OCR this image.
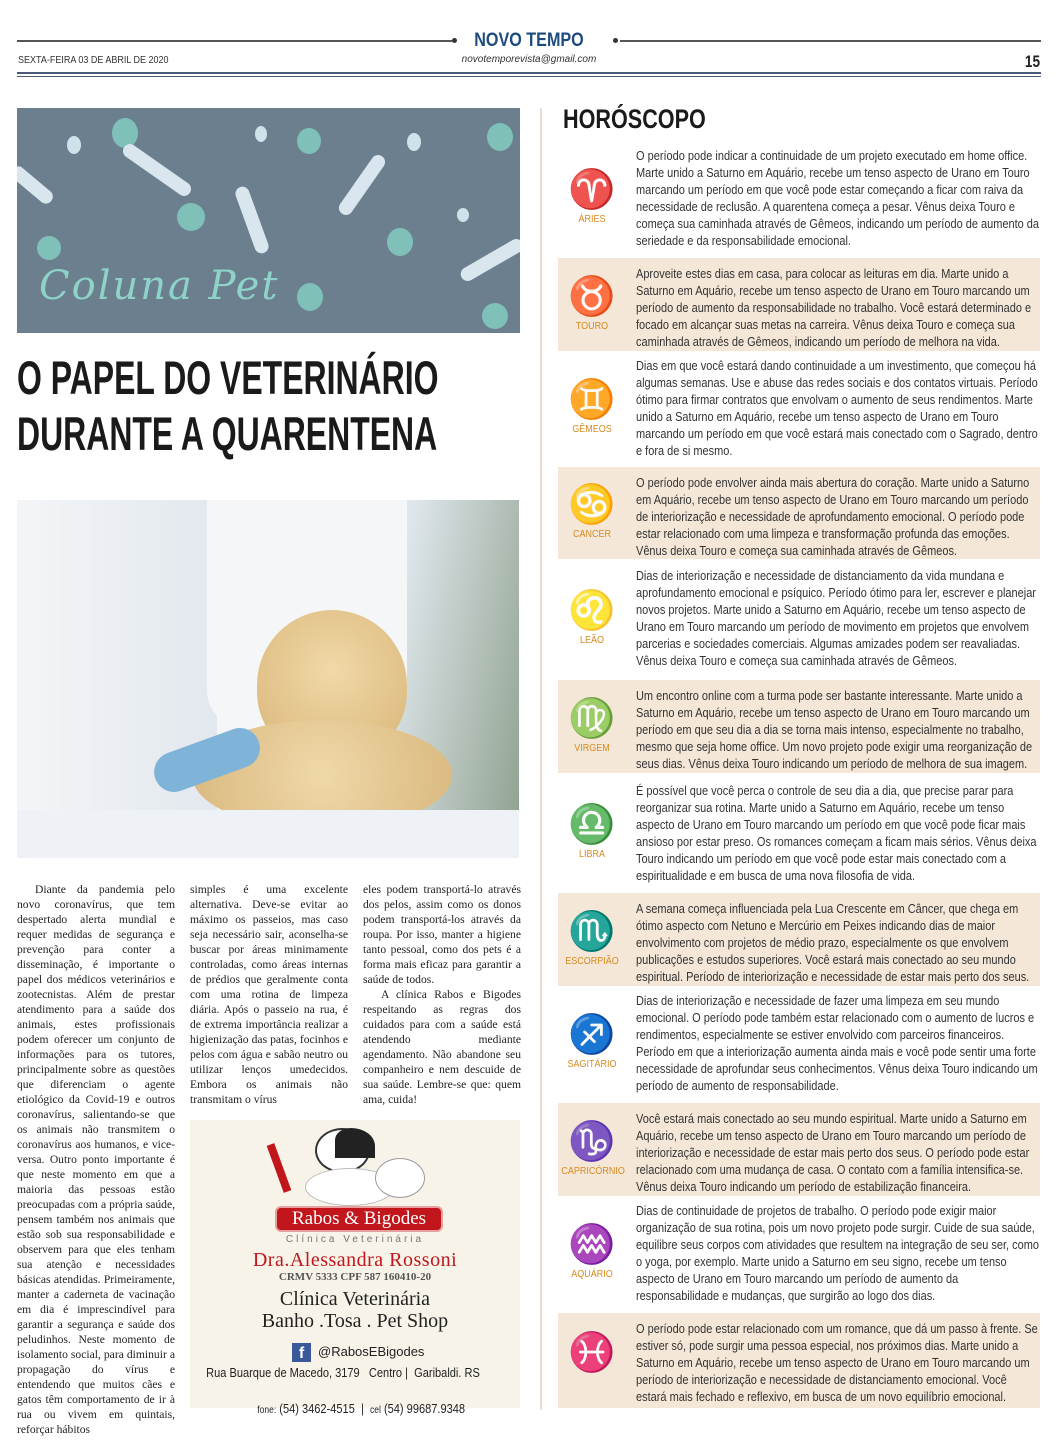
NOVO TEMPO
novotemporevista@gmail.com
SEXTA-FEIRA 03 DE ABRIL DE 2020	15
Coluna Pet
O PAPEL DO VETERINÁRIO
DURANTE A QUARENTENA

Diante da pandemia pelo novo coronavírus, que tem despertado alerta mundial e requer medidas de segurança e prevenção para conter a disseminação, é importante o papel dos médicos veterinários e zootecnistas. Além de prestar atendimento para a saúde dos animais, estes profissionais podem oferecer um conjunto de informações para os tutores, principalmente sobre as questões que diferenciam o agente etiológico da Covid-19 e outros coronavírus, salientando-se que os animais não transmitem o coronavírus aos humanos, e vice-versa. Outro ponto importante é que neste momento em que a maioria das pessoas estão preocupadas com a própria saúde, pensem também nos animais que estão sob sua responsabilidade e observem para que eles tenham sua atenção e necessidades básicas atendidas. Primeiramente, manter a caderneta de vacinação em dia é imprescindível para garantir a segurança e saúde dos peludinhos. Neste momento de isolamento social, para diminuir a propagação do vírus e entendendo que muitos cães e gatos têm comportamento de ir à rua ou vivem em quintais, reforçar hábitos

simples é uma excelente alternativa. Deve-se evitar ao máximo os passeios, mas caso seja necessário sair, aconselha-se buscar por áreas minimamente controladas, como áreas internas de prédios que geralmente conta com uma rotina de limpeza diária. Após o passeio na rua, é de extrema importância realizar a higienização das patas, focinhos e pelos com água e sabão neutro ou utilizar lenços umedecidos. Embora os animais não transmitam o vírus

eles podem transportá-lo através dos pelos, assim como os donos podem transportá-los através da roupa. Por isso, manter a higiene tanto pessoal, como dos pets é a forma mais eficaz para garantir a saúde de todos.

A clínica Rabos e Bigodes respeitando as regras dos cuidados para com a saúde está atendendo mediante agendamento. Não abandone seu companheiro e nem descuide de sua saúde. Lembre-se que: quem ama, cuida!

Rabos & Bigodes
Clínica Veterinária
Dra.Alessandra Rossoni
CRMV 5333 CPF 587 160410-20
Clínica Veterinária
Banho .Tosa . Pet Shop
f	@RabosEBigodes
Rua Buarque de Macedo, 3179   Centro |  Garibaldi. RS

fone: (54) 3462-4515  |  cel (54) 99687.9348

HORÓSCOPO
♈
ÁRIES
O período pode indicar a continuidade de um projeto executado em home office. Marte unido a Saturno em Aquário, recebe um tenso aspecto de Urano em Touro marcando um período em que você pode estar começando a ficar com raiva da necessidade de reclusão. A quarentena começa a pesar. Vênus deixa Touro e começa sua caminhada através de Gêmeos, indicando um período de aumento da seriedade e da responsabilidade emocional.
♉
TOURO
Aproveite estes dias em casa, para colocar as leituras em dia. Marte unido a Saturno em Aquário, recebe um tenso aspecto de Urano em Touro marcando um período de aumento da responsabilidade no trabalho. Você estará determinado e focado em alcançar suas metas na carreira. Vênus deixa Touro e começa sua caminhada através de Gêmeos, indicando um período de melhora na vida.
♊
GÊMEOS
Dias em que você estará dando continuidade a um investimento, que começou há algumas semanas. Use e abuse das redes sociais e dos contatos virtuais. Período ótimo para firmar contratos que envolvam o aumento de seus rendimentos. Marte unido a Saturno em Aquário, recebe um tenso aspecto de Urano em Touro marcando um período em que você estará mais conectado com o Sagrado, dentro e fora de si mesmo.
♋
CANCER
O período pode envolver ainda mais abertura do coração. Marte unido a Saturno em Aquário, recebe um tenso aspecto de Urano em Touro marcando um período de interiorização e necessidade de aprofundamento emocional. O período pode estar relacionado com uma limpeza e transformação profunda das emoções. Vênus deixa Touro e começa sua caminhada através de Gêmeos.
♌
LEÃO
Dias de interiorização e necessidade de distanciamento da vida mundana e aprofundamento emocional e psíquico. Período ótimo para ler, escrever e planejar novos projetos. Marte unido a Saturno em Aquário, recebe um tenso aspecto de Urano em Touro marcando um período de movimento em projetos que envolvem parcerias e sociedades comerciais. Algumas amizades podem ser reavaliadas. Vênus deixa Touro e começa sua caminhada através de Gêmeos.
♍
VIRGEM
Um encontro online com a turma pode ser bastante interessante. Marte unido a Saturno em Aquário, recebe um tenso aspecto de Urano em Touro marcando um período em que seu dia a dia se torna mais intenso, especialmente no trabalho, mesmo que seja home office. Um novo projeto pode exigir uma reorganização de seus dias. Vênus deixa Touro indicando um período de melhora de sua imagem.
♎
LIBRA
É possível que você perca o controle de seu dia a dia, que precise parar para reorganizar sua rotina. Marte unido a Saturno em Aquário, recebe um tenso aspecto de Urano em Touro marcando um período em que você pode ficar mais ansioso por estar preso. Os romances começam a ficam mais sérios. Vênus deixa Touro indicando um período em que você pode estar mais conectado com a espiritualidade e em busca de uma nova filosofia de vida.
♏
ESCORPIÃO
A semana começa influenciada pela Lua Crescente em Câncer, que chega em ótimo aspecto com Netuno e Mercúrio em Peixes indicando dias de maior envolvimento com projetos de médio prazo, especialmente os que envolvem publicações e estudos superiores. Você estará mais conectado ao seu mundo espiritual. Período de interiorização e necessidade de estar mais perto dos seus.
♐
SAGITÁRIO
Dias de interiorização e necessidade de fazer uma limpeza em seu mundo emocional. O período pode também estar relacionado com o aumento de lucros e rendimentos, especialmente se estiver envolvido com parceiros financeiros. Período em que a interiorização aumenta ainda mais e você pode sentir uma forte necessidade de aprofundar seus conhecimentos. Vênus deixa Touro indicando um período de aumento de responsabilidade.
♑
CAPRICÓRNIO
Você estará mais conectado ao seu mundo espiritual. Marte unido a Saturno em Aquário, recebe um tenso aspecto de Urano em Touro marcando um período de interiorização e necessidade de estar mais perto dos seus. O período pode estar relacionado com uma mudança de casa. O contato com a família intensifica-se. Vênus deixa Touro indicando um período de estabilização financeira.
♒
AQUÁRIO
Dias de continuidade de projetos de trabalho. O período pode exigir maior organização de sua rotina, pois um novo projeto pode surgir. Cuide de sua saúde, equilibre seus corpos com atividades que resultem na integração de seu ser, como o yoga, por exemplo. Marte unido a Saturno em seu signo, recebe um tenso aspecto de Urano em Touro marcando um período de aumento da responsabilidade e mudanças, que surgirão ao logo dos dias.
♓
O período pode estar relacionado com um romance, que dá um passo à frente. Se estiver só, pode surgir uma pessoa especial, nos próximos dias. Marte unido a Saturno em Aquário, recebe um tenso aspecto de Urano em Touro marcando um período de interiorização e necessidade de distanciamento emocional. Você estará mais fechado e reflexivo, em busca de um novo equilíbrio emocional.
